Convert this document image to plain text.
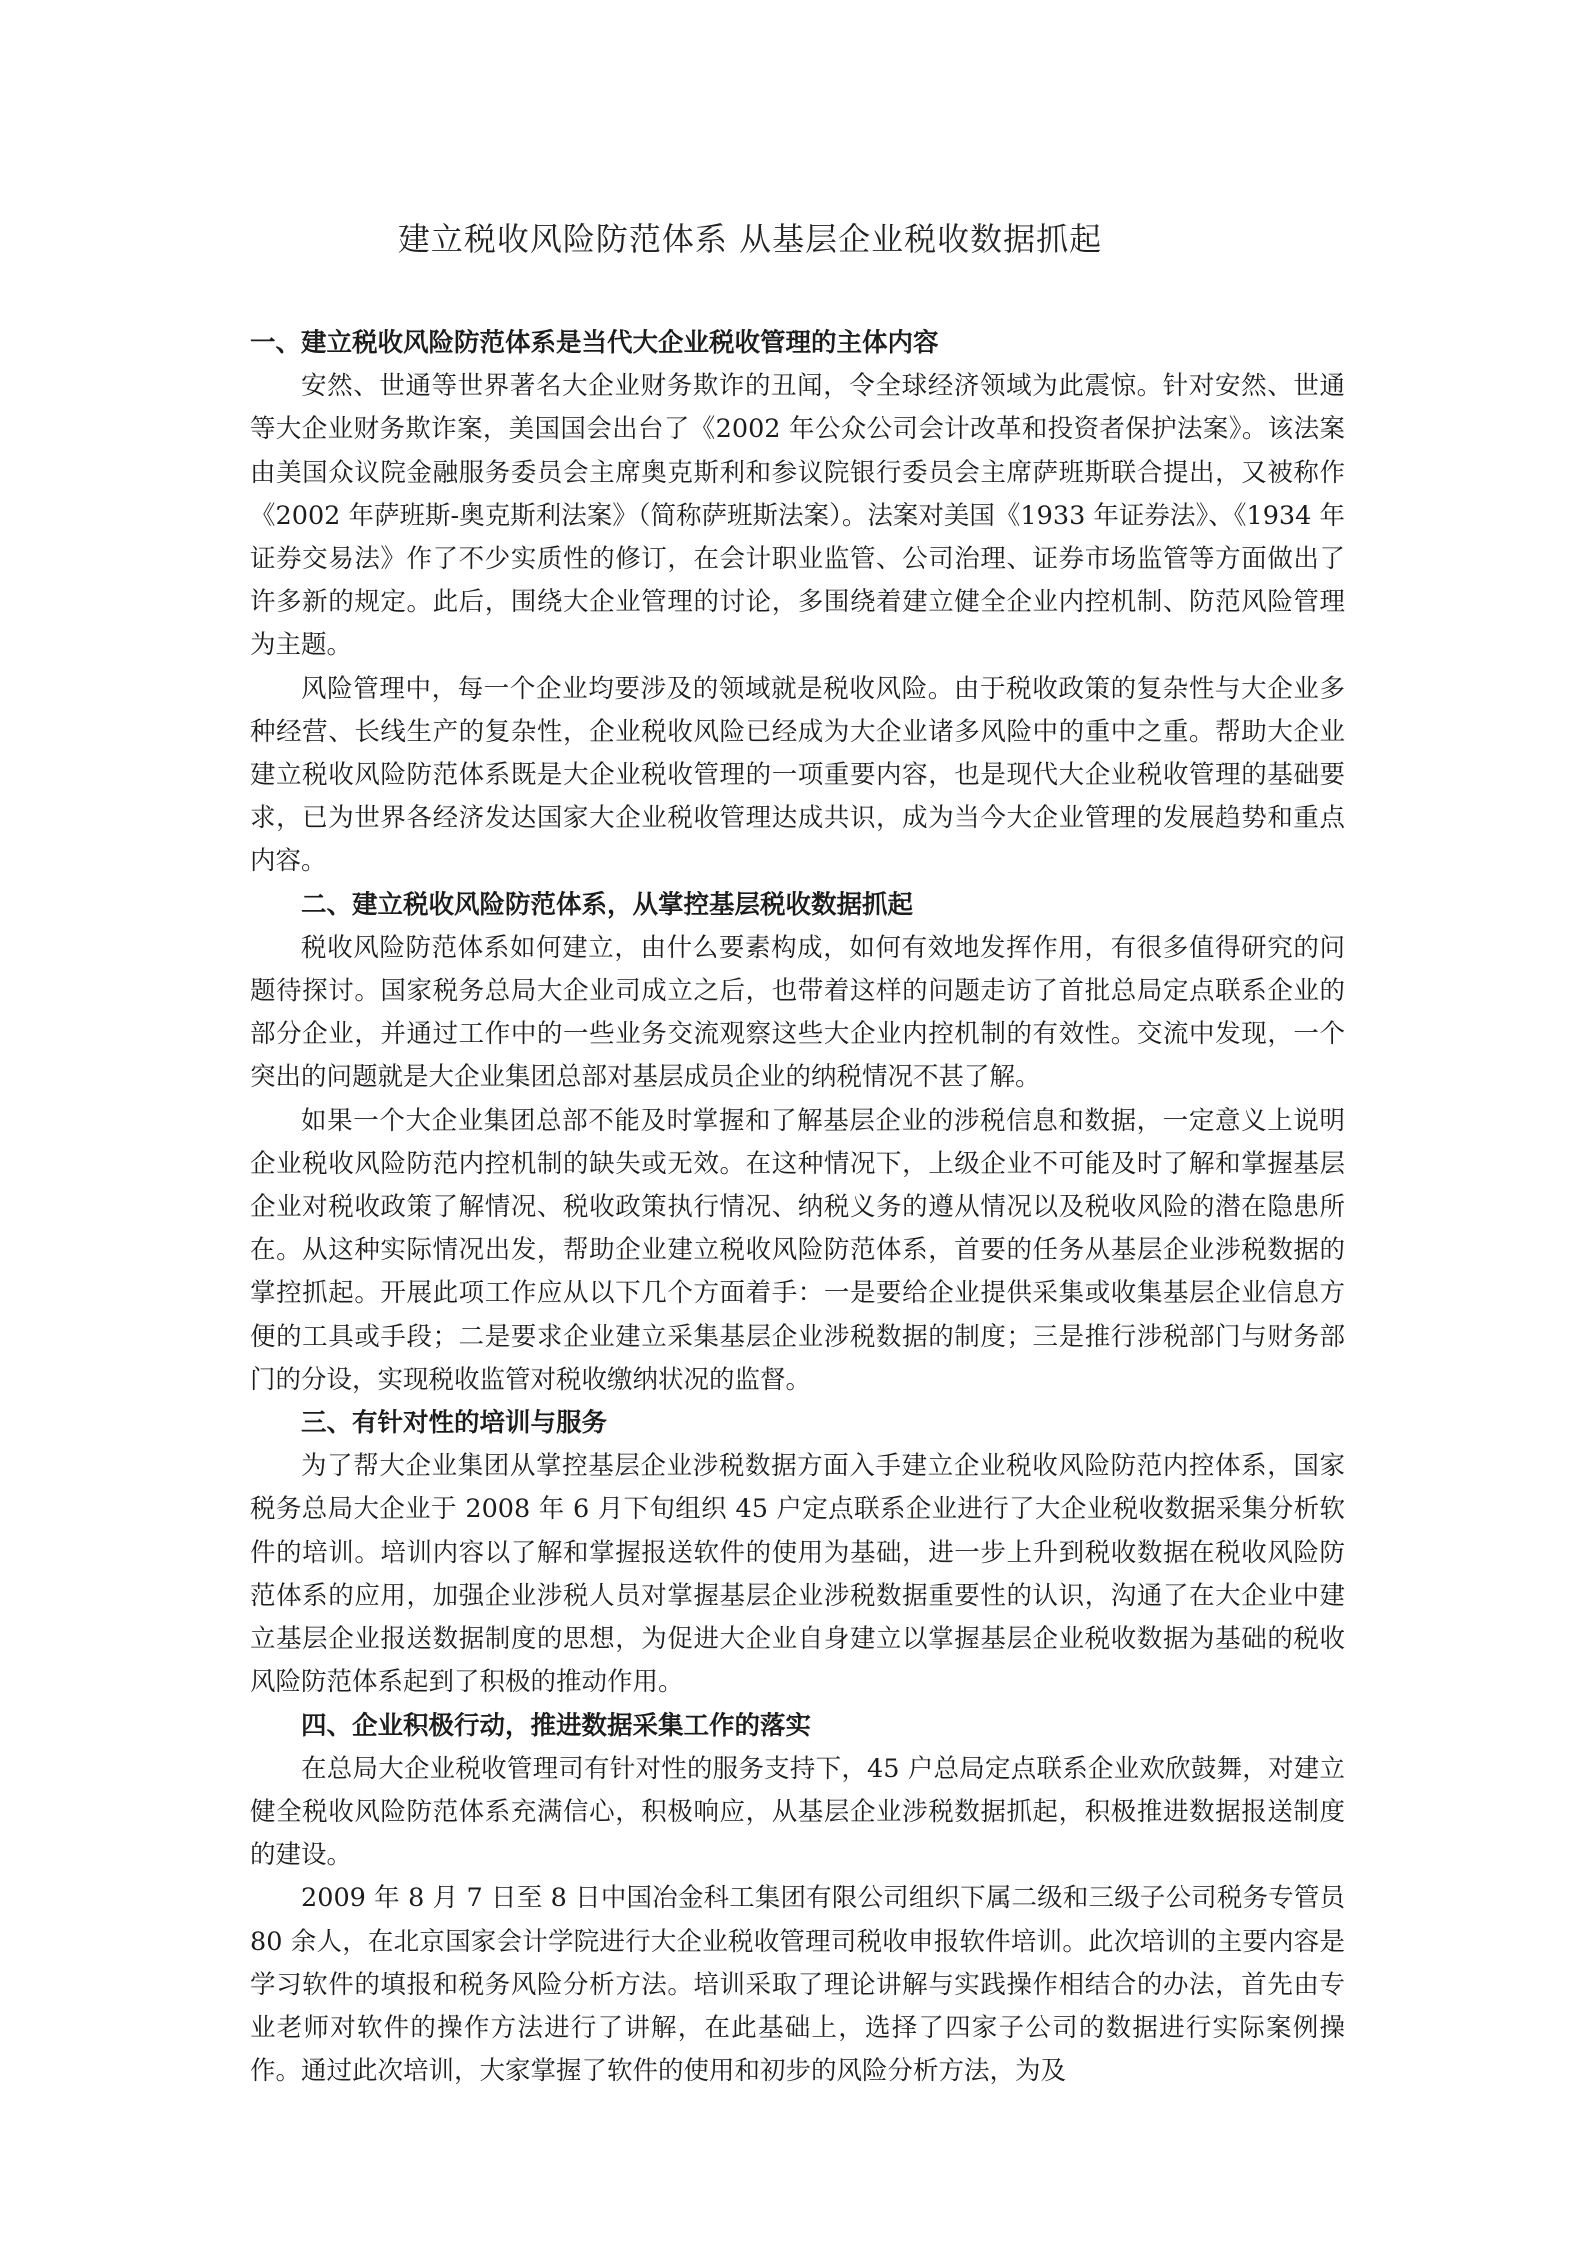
建立税收风险防范体系 从基层企业税收数据抓起
一、建立税收风险防范体系是当代大企业税收管理的主体内容

安然、世通等世界著名大企业财务欺诈的丑闻，令全球经济领域为此震惊。针对安然、世通等大企业财务欺诈案，美国国会出台了《2002 年公众公司会计改革和投资者保护法案》。该法案由美国众议院金融服务委员会主席奥克斯利和参议院银行委员会主席萨班斯联合提出，又被称作《2002 年萨班斯-奥克斯利法案》（简称萨班斯法案）。法案对美国《1933 年证券法》、《1934 年证券交易法》作了不少实质性的修订，在会计职业监管、公司治理、证券市场监管等方面做出了许多新的规定。此后，围绕大企业管理的讨论，多围绕着建立健全企业内控机制、防范风险管理为主题。

风险管理中，每一个企业均要涉及的领域就是税收风险。由于税收政策的复杂性与大企业多种经营、长线生产的复杂性，企业税收风险已经成为大企业诸多风险中的重中之重。帮助大企业建立税收风险防范体系既是大企业税收管理的一项重要内容，也是现代大企业税收管理的基础要求，已为世界各经济发达国家大企业税收管理达成共识，成为当今大企业管理的发展趋势和重点内容。

二、建立税收风险防范体系，从掌控基层税收数据抓起

税收风险防范体系如何建立，由什么要素构成，如何有效地发挥作用，有很多值得研究的问题待探讨。国家税务总局大企业司成立之后，也带着这样的问题走访了首批总局定点联系企业的部分企业，并通过工作中的一些业务交流观察这些大企业内控机制的有效性。交流中发现，一个突出的问题就是大企业集团总部对基层成员企业的纳税情况不甚了解。

如果一个大企业集团总部不能及时掌握和了解基层企业的涉税信息和数据，一定意义上说明企业税收风险防范内控机制的缺失或无效。在这种情况下，上级企业不可能及时了解和掌握基层企业对税收政策了解情况、税收政策执行情况、纳税义务的遵从情况以及税收风险的潜在隐患所在。从这种实际情况出发，帮助企业建立税收风险防范体系，首要的任务从基层企业涉税数据的掌控抓起。开展此项工作应从以下几个方面着手：一是要给企业提供采集或收集基层企业信息方便的工具或手段；二是要求企业建立采集基层企业涉税数据的制度；三是推行涉税部门与财务部门的分设，实现税收监管对税收缴纳状况的监督。

三、有针对性的培训与服务

为了帮大企业集团从掌控基层企业涉税数据方面入手建立企业税收风险防范内控体系，国家税务总局大企业于 2008 年 6 月下旬组织 45 户定点联系企业进行了大企业税收数据采集分析软件的培训。培训内容以了解和掌握报送软件的使用为基础，进一步上升到税收数据在税收风险防范体系的应用，加强企业涉税人员对掌握基层企业涉税数据重要性的认识，沟通了在大企业中建立基层企业报送数据制度的思想，为促进大企业自身建立以掌握基层企业税收数据为基础的税收风险防范体系起到了积极的推动作用。

四、企业积极行动，推进数据采集工作的落实

在总局大企业税收管理司有针对性的服务支持下，45 户总局定点联系企业欢欣鼓舞，对建立健全税收风险防范体系充满信心，积极响应，从基层企业涉税数据抓起，积极推进数据报送制度的建设。

2009 年 8 月 7 日至 8 日中国冶金科工集团有限公司组织下属二级和三级子公司税务专管员 80 余人，在北京国家会计学院进行大企业税收管理司税收申报软件培训。此次培训的主要内容是学习软件的填报和税务风险分析方法。培训采取了理论讲解与实践操作相结合的办法，首先由专业老师对软件的操作方法进行了讲解，在此基础上，选择了四家子公司的数据进行实际案例操作。通过此次培训，大家掌握了软件的使用和初步的风险分析方法，为及
